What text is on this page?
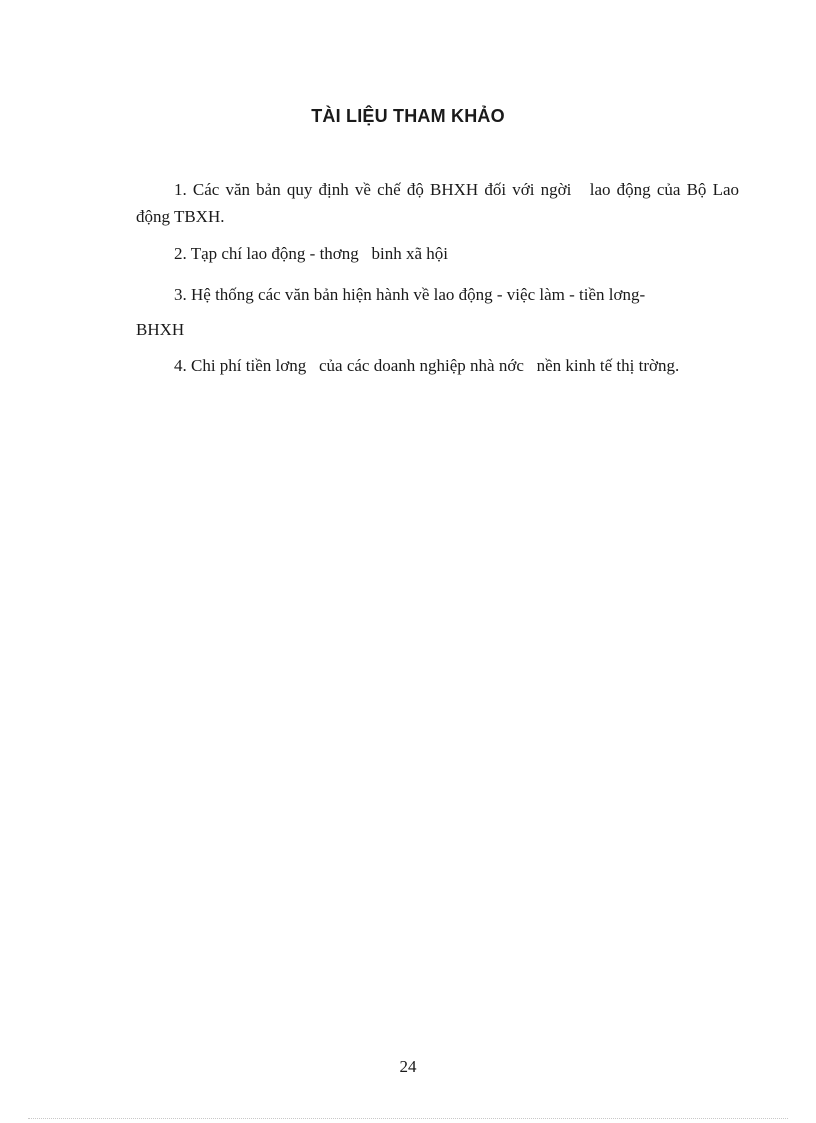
TÀI LIỆU THAM KHẢO
1. Các văn bản quy định về chế độ BHXH đối với ngời   lao động của Bộ Lao động TBXH.
2. Tạp chí lao động - thơng   binh xã hội
3. Hệ thống các văn bản hiện hành về lao động - việc làm - tiền lơng-
BHXH
4. Chi phí tiền lơng   của các doanh nghiệp nhà nớc   nền kinh tế thị trờng.
24
